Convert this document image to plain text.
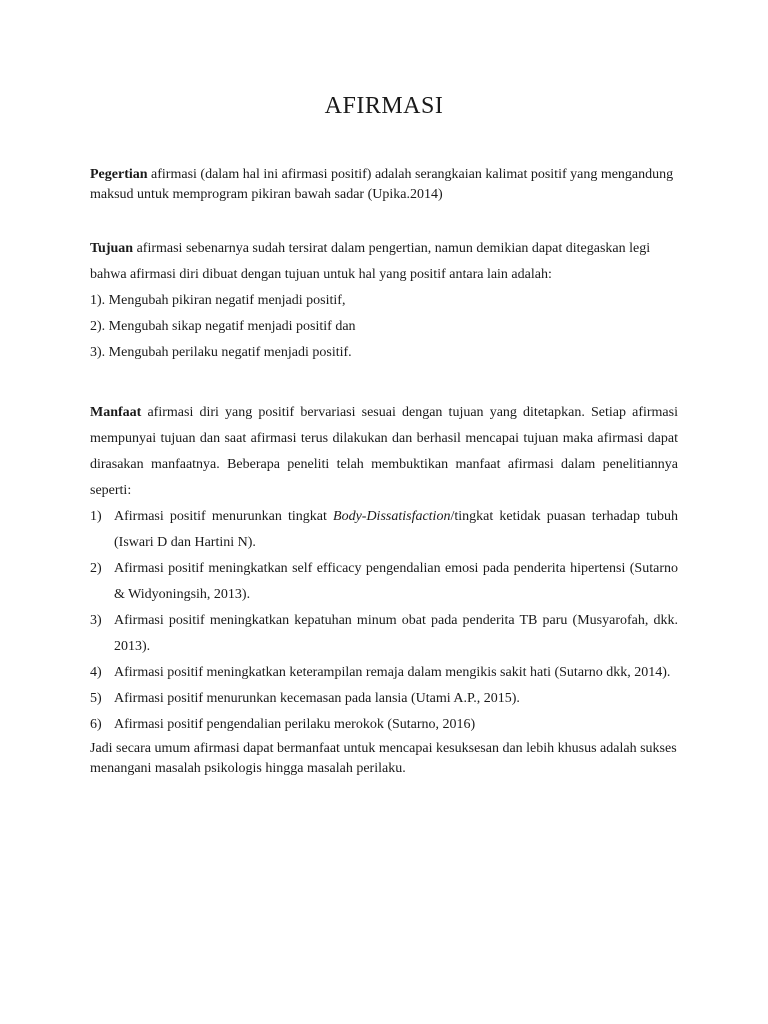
AFIRMASI

Pegertian afirmasi (dalam hal ini afirmasi positif) adalah serangkaian kalimat positif yang mengandung maksud untuk memprogram pikiran bawah sadar (Upika.2014)

Tujuan afirmasi sebenarnya sudah tersirat dalam pengertian, namun demikian dapat ditegaskan legi bahwa afirmasi diri dibuat dengan tujuan untuk hal yang positif antara lain adalah:

1). Mengubah pikiran negatif menjadi positif,

2). Mengubah sikap negatif menjadi positif dan

3). Mengubah perilaku negatif menjadi positif.

Manfaat afirmasi diri yang positif bervariasi sesuai dengan tujuan yang ditetapkan. Setiap afirmasi mempunyai tujuan dan saat afirmasi terus dilakukan dan berhasil mencapai tujuan maka afirmasi dapat dirasakan manfaatnya. Beberapa peneliti telah membuktikan manfaat afirmasi dalam penelitiannya seperti:

1) Afirmasi positif menurunkan tingkat Body-Dissatisfaction/tingkat ketidak puasan terhadap tubuh (Iswari D dan Hartini N).
2) Afirmasi positif meningkatkan self efficacy pengendalian emosi pada penderita hipertensi (Sutarno & Widyoningsih, 2013).
3) Afirmasi positif meningkatkan kepatuhan minum obat pada penderita TB paru (Musyarofah, dkk. 2013).
4) Afirmasi positif meningkatkan keterampilan remaja dalam mengikis sakit hati (Sutarno dkk, 2014).
5) Afirmasi positif menurunkan kecemasan pada lansia (Utami A.P., 2015).
6) Afirmasi positif pengendalian perilaku merokok (Sutarno, 2016)

Jadi secara umum afirmasi dapat bermanfaat untuk mencapai kesuksesan dan lebih khusus adalah sukses menangani masalah psikologis hingga masalah perilaku.
